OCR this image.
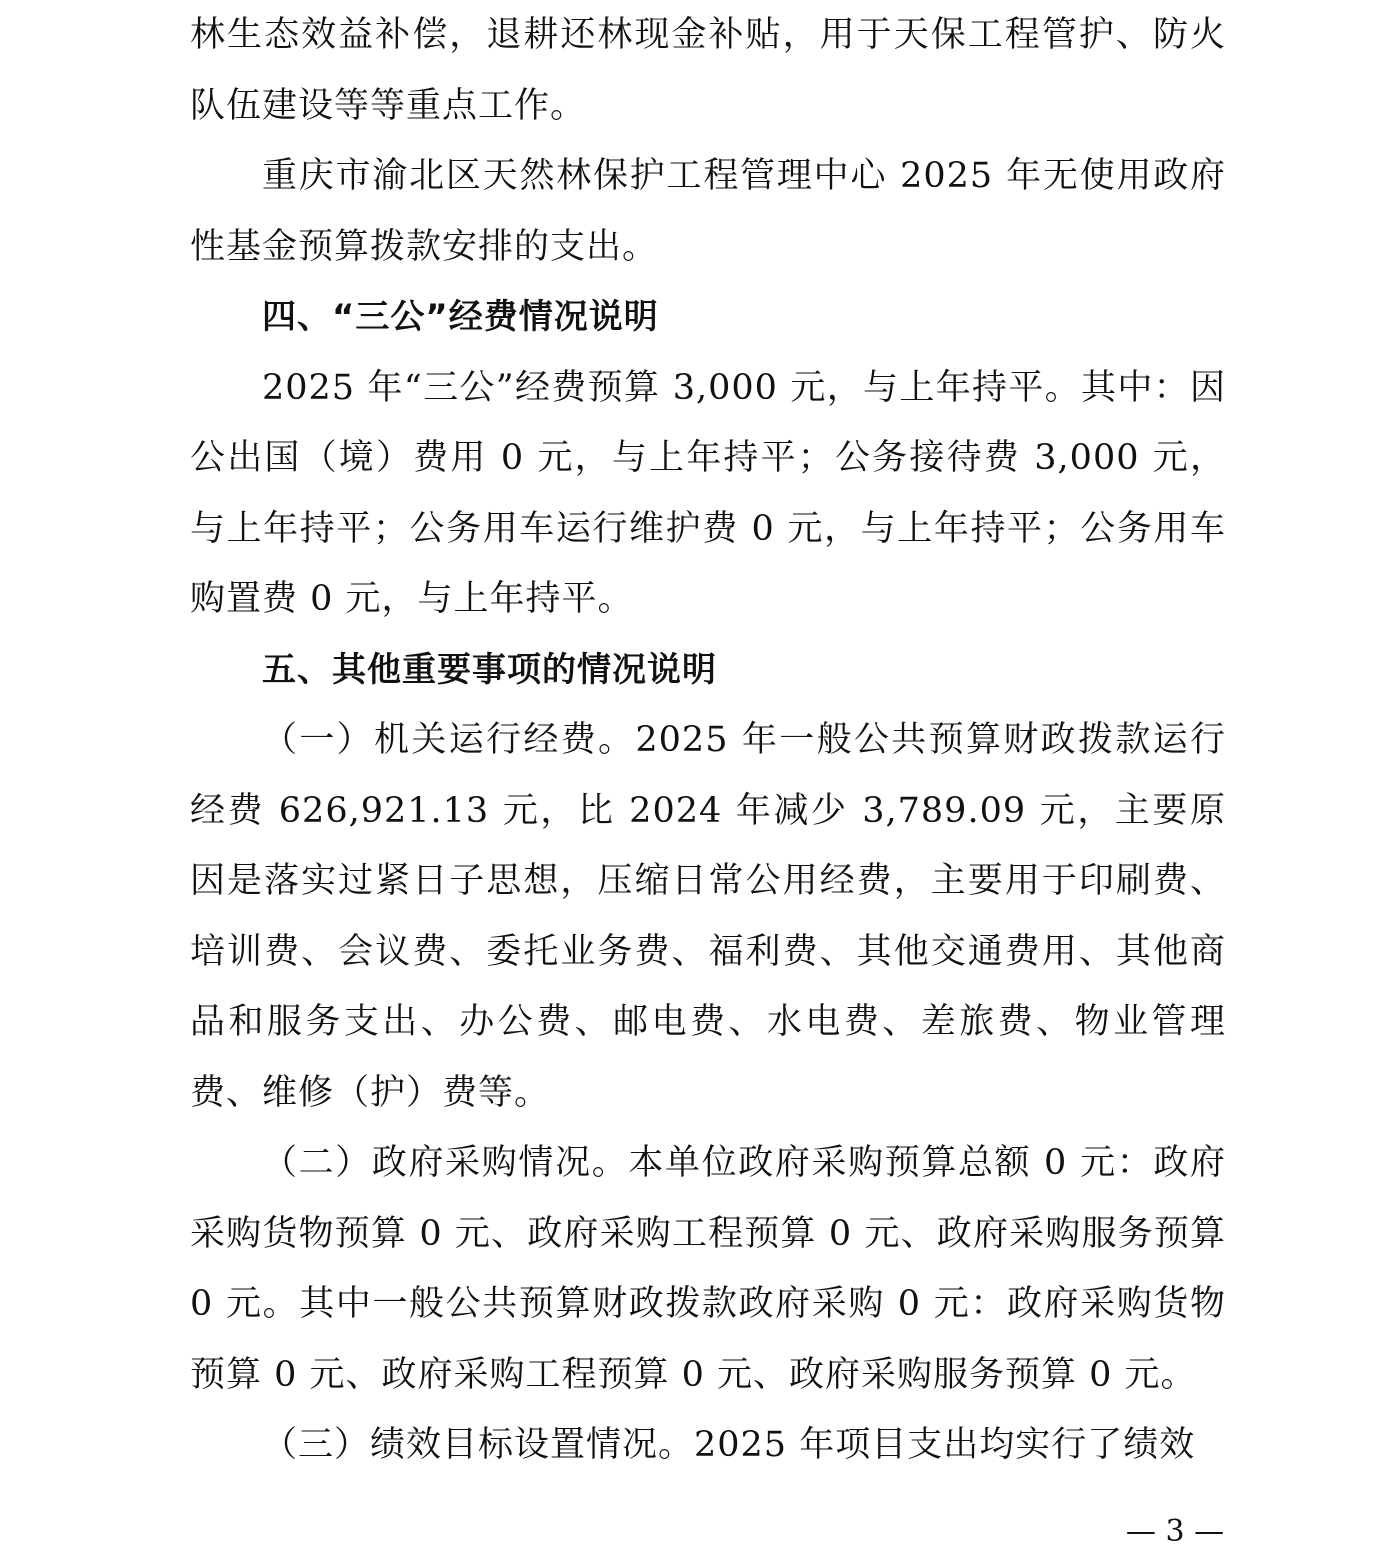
林生态效益补偿，退耕还林现金补贴，用于天保工程管护、防火队伍建设等等重点工作。

重庆市渝北区天然林保护工程管理中心 2025 年无使用政府性基金预算拨款安排的支出。

四、“三公”经费情况说明

2025 年“三公”经费预算 3,000 元，与上年持平。其中：因公出国（境）费用 0 元，与上年持平；公务接待费 3,000 元，与上年持平；公务用车运行维护费 0 元，与上年持平；公务用车购置费 0 元，与上年持平。

五、其他重要事项的情况说明

（一）机关运行经费。2025 年一般公共预算财政拨款运行经费 626,921.13 元，比 2024 年减少 3,789.09 元，主要原因是落实过紧日子思想，压缩日常公用经费，主要用于印刷费、培训费、会议费、委托业务费、福利费、其他交通费用、其他商品和服务支出、办公费、邮电费、水电费、差旅费、物业管理费、维修（护）费等。

（二）政府采购情况。本单位政府采购预算总额 0 元：政府采购货物预算 0 元、政府采购工程预算 0 元、政府采购服务预算 0 元。其中一般公共预算财政拨款政府采购 0 元：政府采购货物预算 0 元、政府采购工程预算 0 元、政府采购服务预算 0 元。

（三）绩效目标设置情况。2025 年项目支出均实行了绩效

— 3 —
